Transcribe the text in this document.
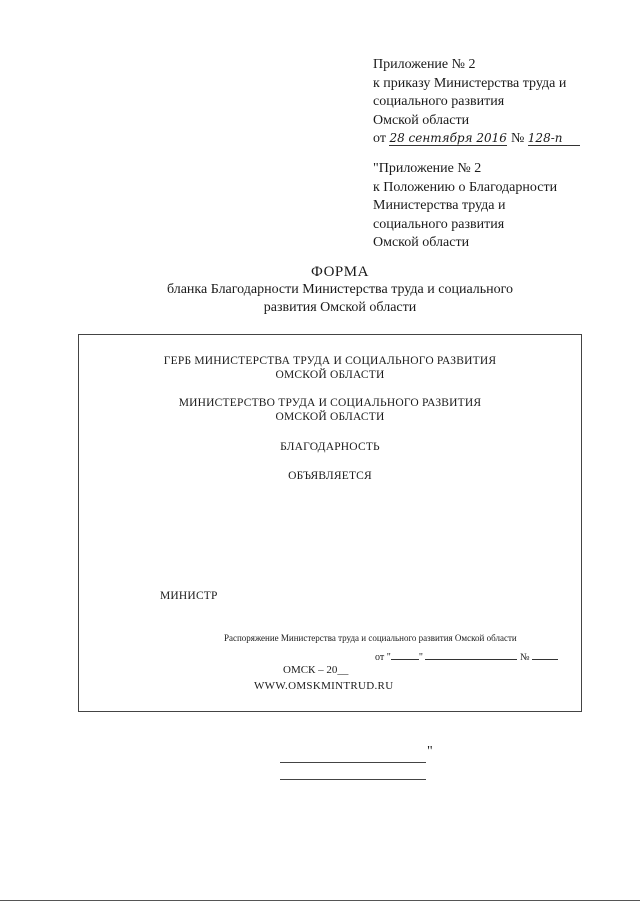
Приложение № 2
к приказу Министерства труда и
социального развития
Омской области
от 28 сентября 2016 № 128-п
"Приложение № 2
к Положению о Благодарности
Министерства труда и
социального развития
Омской области
ФОРМА
бланка Благодарности Министерства труда и социального
развития Омской области
ГЕРБ МИНИСТЕРСТВА ТРУДА И СОЦИАЛЬНОГО РАЗВИТИЯ
ОМСКОЙ ОБЛАСТИ
МИНИСТЕРСТВО ТРУДА И СОЦИАЛЬНОГО РАЗВИТИЯ
ОМСКОЙ ОБЛАСТИ
БЛАГОДАРНОСТЬ
ОБЪЯВЛЯЕТСЯ
МИНИСТР
Распоряжение Министерства труда и социального развития Омской области
от "	"	№
ОМСК – 20__
WWW.OMSKMINTRUD.RU
"
